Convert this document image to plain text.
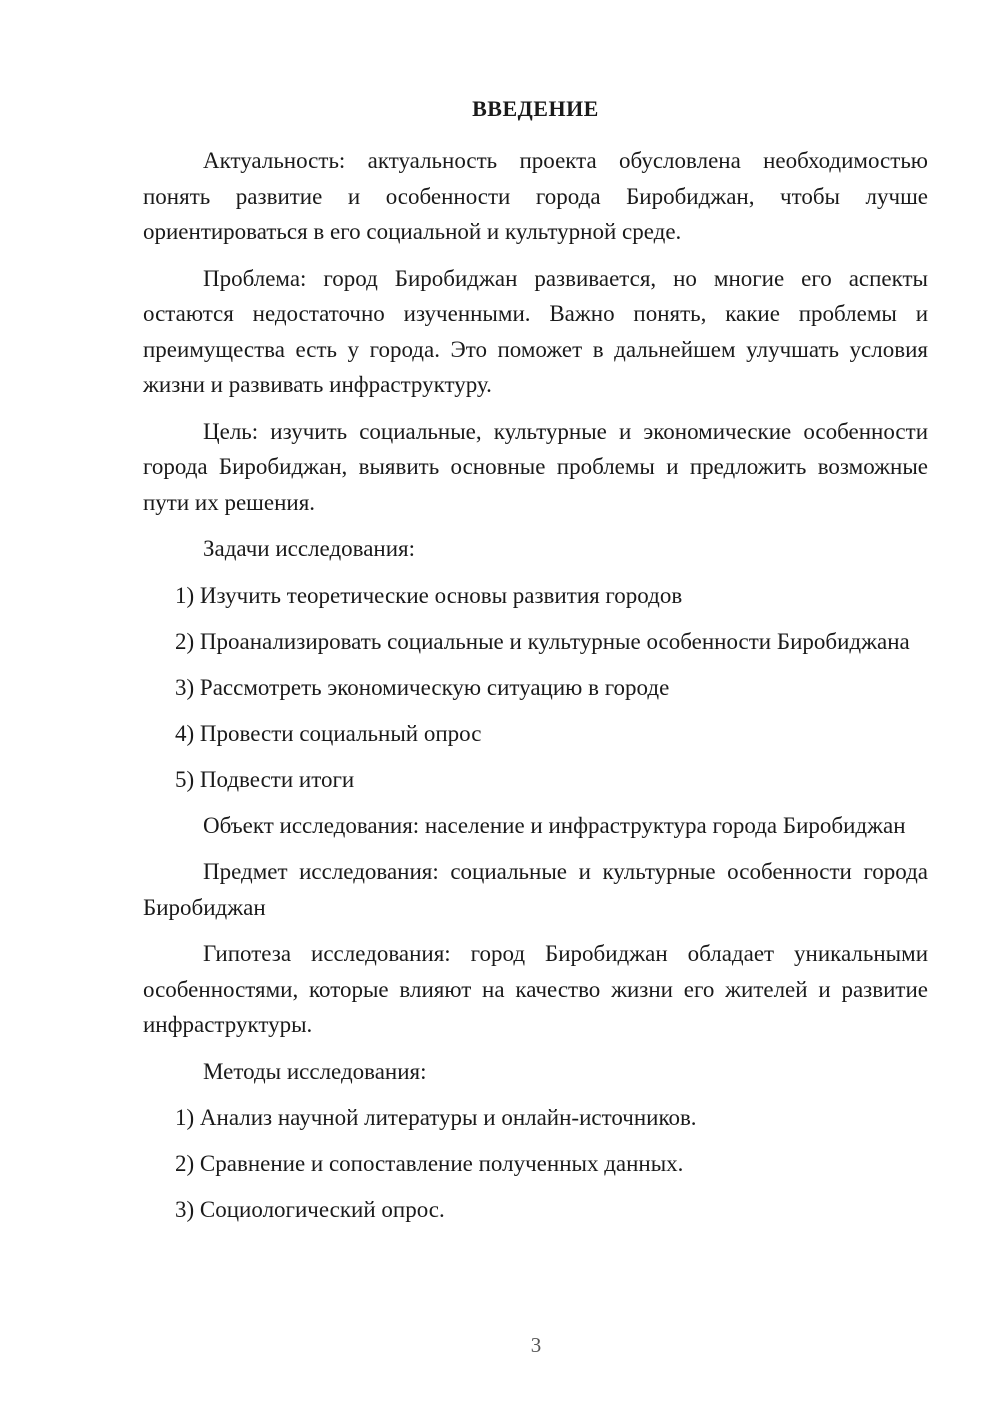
ВВЕДЕНИЕ

Актуальность: актуальность проекта обусловлена необходимостью понять развитие и особенности города Биробиджан, чтобы лучше ориентироваться в его социальной и культурной среде.

Проблема: город Биробиджан развивается, но многие его аспекты остаются недостаточно изученными. Важно понять, какие проблемы и преимущества есть у города. Это поможет в дальнейшем улучшать условия жизни и развивать инфраструктуру.

Цель: изучить социальные, культурные и экономические особенности города Биробиджан, выявить основные проблемы и предложить возможные пути их решения.

Задачи исследования:

1) Изучить теоретические основы развития городов

2) Проанализировать социальные и культурные особенности Биробиджана

3) Рассмотреть экономическую ситуацию в городе

4) Провести социальный опрос

5) Подвести итоги

Объект исследования: население и инфраструктура города Биробиджан

Предмет исследования: социальные и культурные особенности города Биробиджан

Гипотеза исследования: город Биробиджан обладает уникальными особенностями, которые влияют на качество жизни его жителей и развитие инфраструктуры.

Методы исследования:

1) Анализ научной литературы и онлайн-источников.

2) Сравнение и сопоставление полученных данных.

3) Социологический опрос.

3
